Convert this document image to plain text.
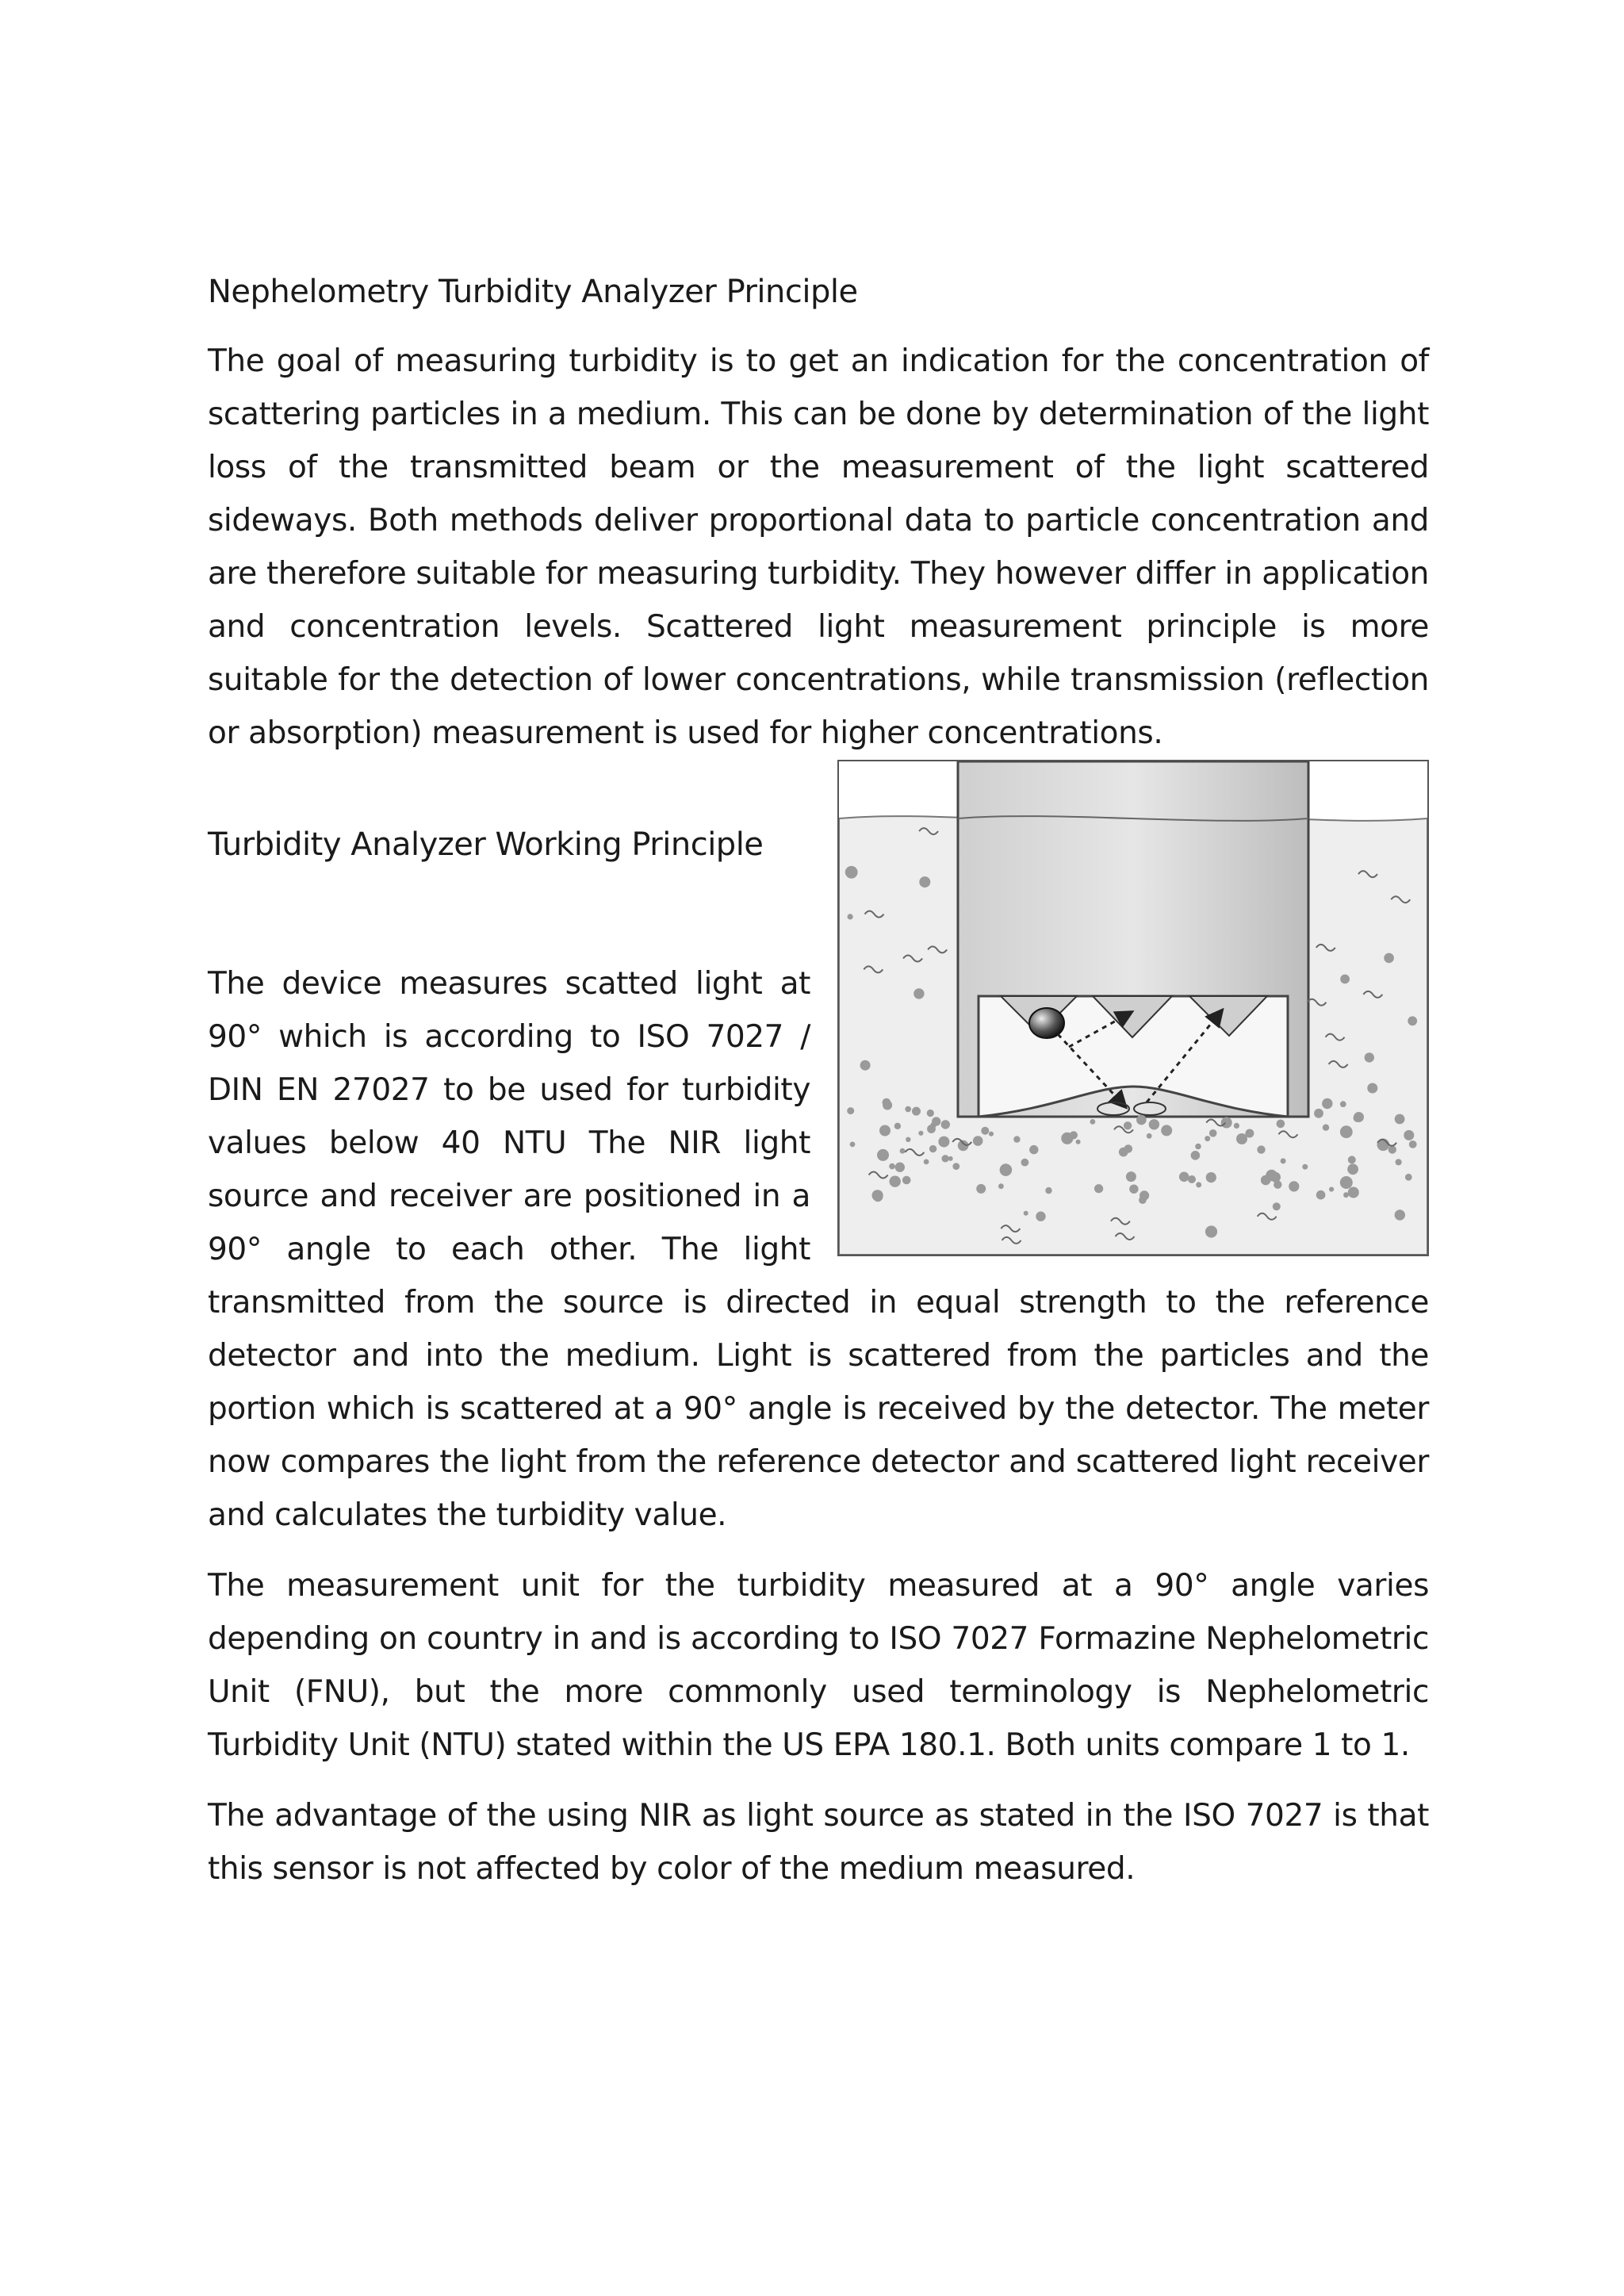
Nephelometry Turbidity Analyzer Principle

The goal of measuring turbidity is to get an indication for the concentration of scattering particles in a medium. This can be done by determination of the light loss of the transmitted beam or the measurement of the light scattered sideways. Both methods deliver proportional data to particle concentration and are therefore suitable for measuring turbidity. They however differ in application and concentration levels. Scattered light measurement principle is more suitable for the detection of lower concentrations, while transmission (reflection or absorption) measurement is used for higher concentrations.

Turbidity Analyzer Working Principle

The device measures scatted light at 90° which is according to ISO 7027 / DIN EN 27027 to be used for turbidity values below 40 NTU The NIR light source and receiver are positioned in a 90° angle to each other. The light transmitted from the source is directed in equal strength to the reference detector and into the medium. Light is scattered from the particles and the portion which is scattered at a 90° angle is received by the detector. The meter now compares the light from the reference detector and scattered light receiver and calculates the turbidity value.

The measurement unit for the turbidity measured at a 90° angle varies depending on country in and is according to ISO 7027 Formazine Nephelometric Unit (FNU), but the more commonly used terminology is Nephelometric Turbidity Unit (NTU) stated within the US EPA 180.1. Both units compare 1 to 1.

The advantage of the using NIR as light source as stated in the ISO 7027 is that this sensor is not affected by color of the medium measured.
